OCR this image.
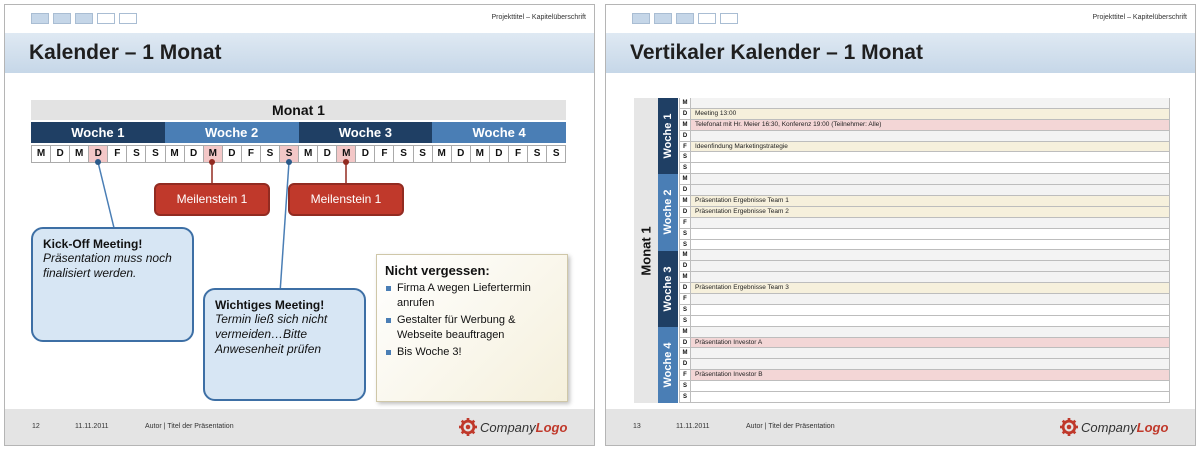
Projekttitel – Kapitelüberschrift
Kalender – 1 Monat
Monat 1
Woche 1	Woche 2	Woche 3	Woche 4
M	D	M	D	F	S	S	M	D	M	D	F	S	S	M	D	M	D	F	S	S	M	D	M	D	F	S	S
Meilenstein 1	Meilenstein 1
Kick-Off Meeting!
Präsentation muss noch finalisiert werden.
Wichtiges Meeting!
Termin ließ sich nicht vermeiden…Bitte Anwesenheit prüfen
Nicht vergessen:
Firma A wegen Liefertermin anrufen
Gestalter für Werbung & Webseite beauftragen
Bis Woche 3!
12	11.11.2011	Autor | Titel der Präsentation	CompanyLogo
Projekttitel – Kapitelüberschrift
Vertikaler Kalender – 1 Monat
Monat 1
Woche 1
Woche 2
Woche 3
Woche 4
M
D	Meeting 13:00
M	Telefonat mit Hr. Meier 16:30, Konferenz 19:00 (Teilnehmer: Alle)
D
F	Ideenfindung Marketingstrategie
S
S
M
D
M	Präsentation Ergebnisse Team 1
D	Präsentation Ergebnisse Team 2
F
S
S
M
D
M
D	Präsentation Ergebnisse Team 3
F
S
S
M
D	Präsentation Investor A
M
D
F	Präsentation Investor B
S
S
13	11.11.2011	Autor | Titel der Präsentation	CompanyLogo
